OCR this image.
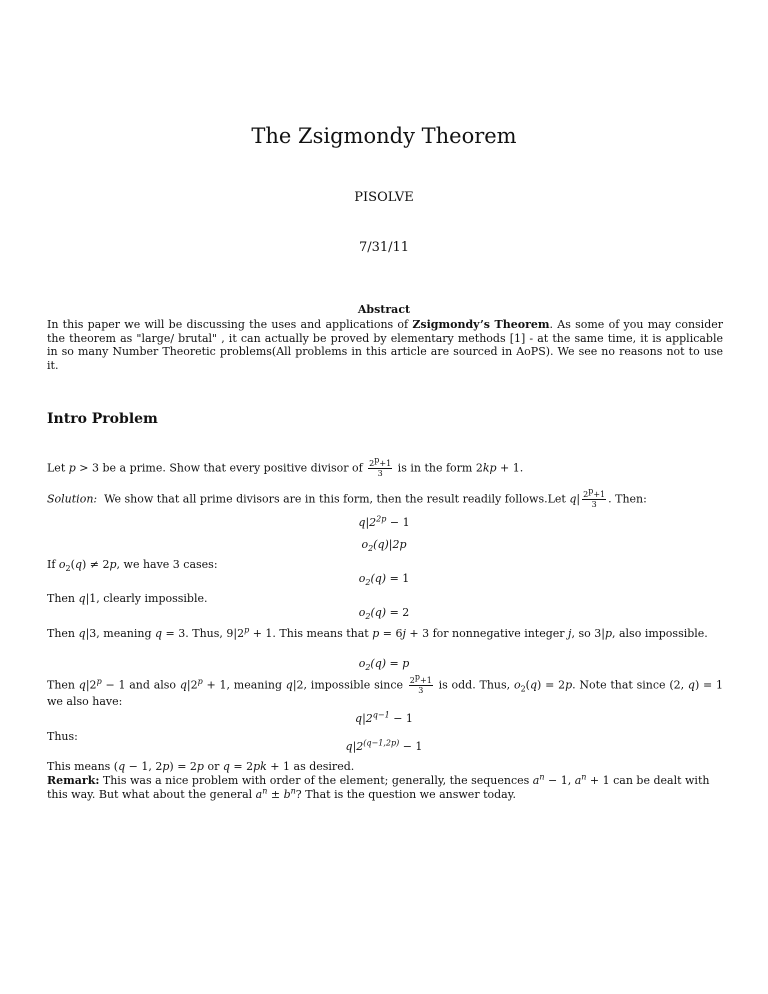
The Zsigmondy Theorem
PISOLVE
7/31/11
Abstract
In this paper we will be discussing the uses and applications of Zsigmondy’s Theorem. As some of you may consider the theorem as "large/ brutal" , it can actually be proved by elementary methods [1] - at the same time, it is applicable in so many Number Theoretic problems(All problems in this article are sourced in AoPS). We see no reasons not to use it.
Intro Problem
Let p > 3 be a prime. Show that every positive divisor of $\frac{2^p+1}{3}$ is in the form 2kp + 1.
Solution:  We show that all prime divisors are in this form, then the result readily follows.Let $q| \frac{2^p+1}{3}$ . Then:
$q|2^{2p} - 1$
$o_2(q)|2p$
If $o_2(q) \ne 2p$, we have 3 cases:
$o_2(q) = 1$
Then q|1, clearly impossible.
$o_2(q) = 2$
Then q|3, meaning q = 3. Thus, $9|2^p + 1$. This means that p = 6j + 3 for nonnegative integer j, so 3|p, also impossible.
$o_2(q) = p$
Then $q|2^p - 1$ and also $q|2^p + 1$, meaning q|2, impossible since $\frac{2^p+1}{3}$ is odd. Thus, $o_2(q) = 2p$. Note that since (2, q) = 1 we also have:
$q|2^{q-1} - 1$
Thus:
$q|2^{(q-1,2p)} - 1$
This means (q − 1, 2p) = 2p or q = 2pk + 1 as desired.
Remark: This was a nice problem with order of the element; generally, the sequences $a^n - 1$, $a^n + 1$ can be dealt with this way. But what about the general $a^n \pm b^n$? That is the question we answer today.
